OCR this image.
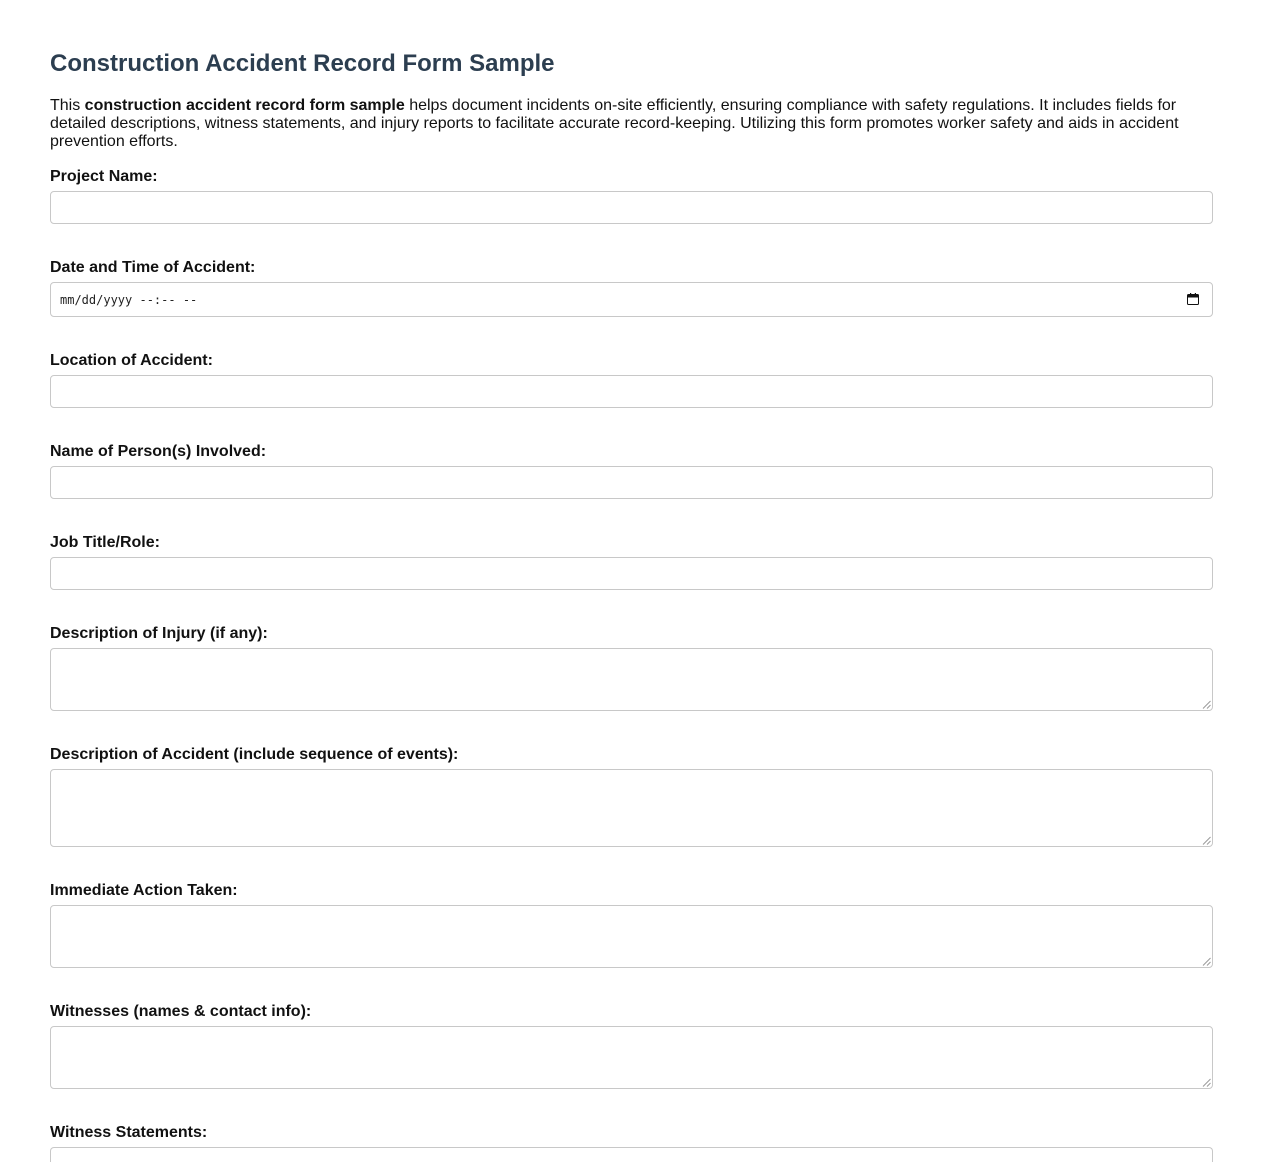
Construction Accident Record Form Sample

This construction accident record form sample helps document incidents on-site efficiently, ensuring compliance with safety regulations. It includes fields for detailed descriptions, witness statements, and injury reports to facilitate accurate record-keeping. Utilizing this form promotes worker safety and aids in accident prevention efforts.

Project Name:
Date and Time of Accident:
mm/dd/yyyy --:-- --
Location of Accident:
Name of Person(s) Involved:
Job Title/Role:
Description of Injury (if any):
Description of Accident (include sequence of events):
Immediate Action Taken:
Witnesses (names & contact info):
Witness Statements:
